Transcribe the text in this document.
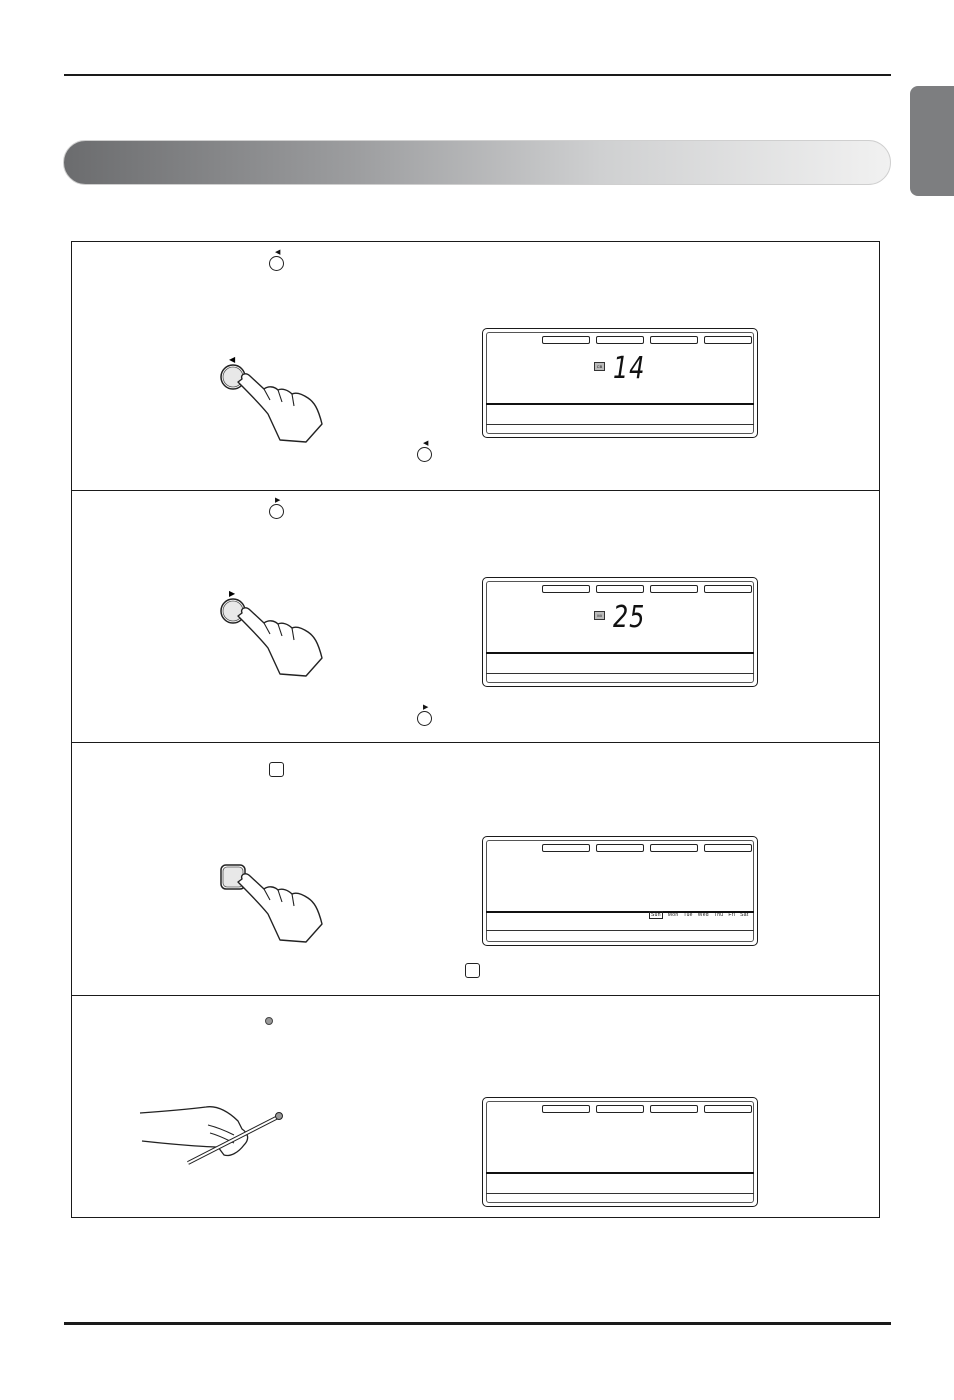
◀
◀
CB 14
◀
▶
▶
Mi 25
▶
Sun Mon Tue Wed Thu Fri Sat
